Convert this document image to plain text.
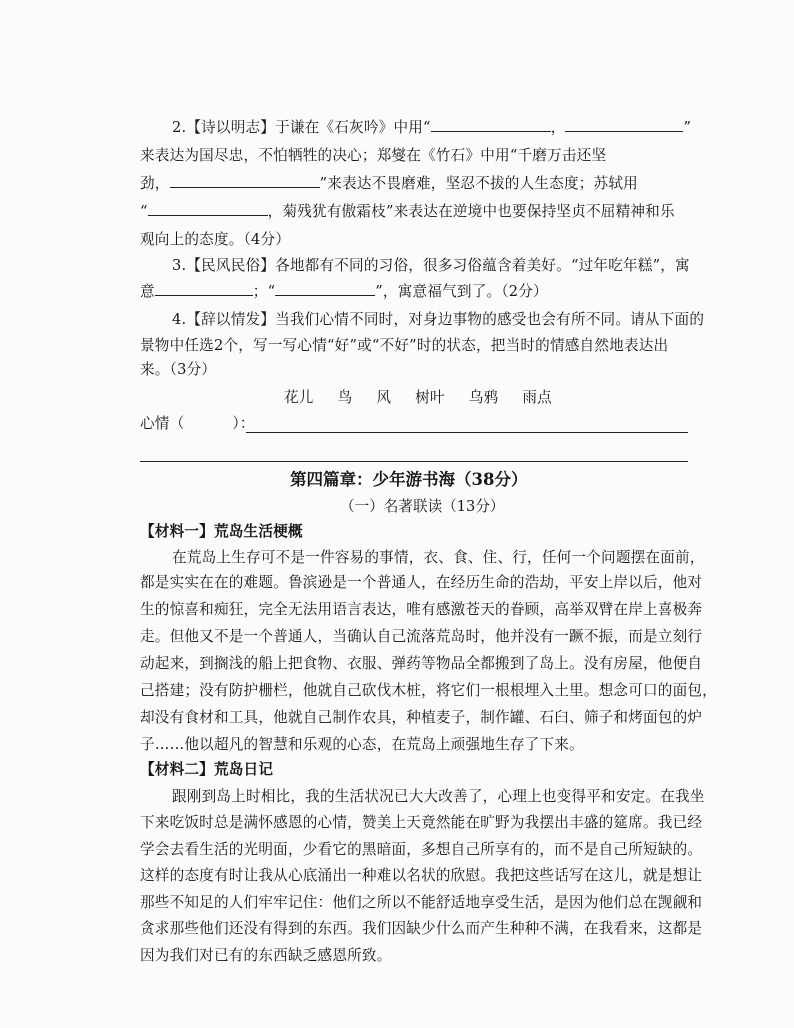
2.【诗以明志】于谦在《石灰吟》中用“	，	”
来表达为国尽忠，不怕牺牲的决心；郑燮在《竹石》中用“千磨万击还坚
劲，	”来表达不畏磨难，坚忍不拔的人生态度；苏轼用
“	，菊残犹有傲霜枝”来表达在逆境中也要保持坚贞不屈精神和乐
观向上的态度。（4分）
3.【民风民俗】各地都有不同的习俗，很多习俗蕴含着美好。“过年吃年糕”，寓
意	；“	”，寓意福气到了。（2分）
4.【辞以情发】当我们心情不同时，对身边事物的感受也会有所不同。请从下面的
景物中任选2个，写一写心情“好”或“不好”时的状态，把当时的情感自然地表达出
来。（3分）
花儿 鸟 风 树叶 乌鸦 雨点
心情（	）：
第四篇章：少年游书海（38分）
（一）名著联读（13分）
【材料一】荒岛生活梗概
在荒岛上生存可不是一件容易的事情，衣、食、住、行，任何一个问题摆在面前，
都是实实在在的难题。鲁滨逊是一个普通人，在经历生命的浩劫，平安上岸以后，他对
生的惊喜和痴狂，完全无法用语言表达，唯有感激苍天的眷顾，高举双臂在岸上喜极奔
走。但他又不是一个普通人，当确认自己流落荒岛时，他并没有一蹶不振，而是立刻行
动起来，到搁浅的船上把食物、衣服、弹药等物品全都搬到了岛上。没有房屋，他便自
己搭建；没有防护栅栏，他就自己砍伐木桩，将它们一根根埋入土里。想念可口的面包，
却没有食材和工具，他就自己制作农具，种植麦子，制作罐、石臼、筛子和烤面包的炉
子……他以超凡的智慧和乐观的心态，在荒岛上顽强地生存了下来。
【材料二】荒岛日记
跟刚到岛上时相比，我的生活状况已大大改善了，心理上也变得平和安定。在我坐
下来吃饭时总是满怀感恩的心情，赞美上天竟然能在旷野为我摆出丰盛的筵席。我已经
学会去看生活的光明面，少看它的黑暗面，多想自己所享有的，而不是自己所短缺的。
这样的态度有时让我从心底涌出一种难以名状的欣慰。我把这些话写在这儿，就是想让
那些不知足的人们牢牢记住：他们之所以不能舒适地享受生活，是因为他们总在觊觎和
贪求那些他们还没有得到的东西。我们因缺少什么而产生种种不满，在我看来，这都是
因为我们对已有的东西缺乏感恩所致。
